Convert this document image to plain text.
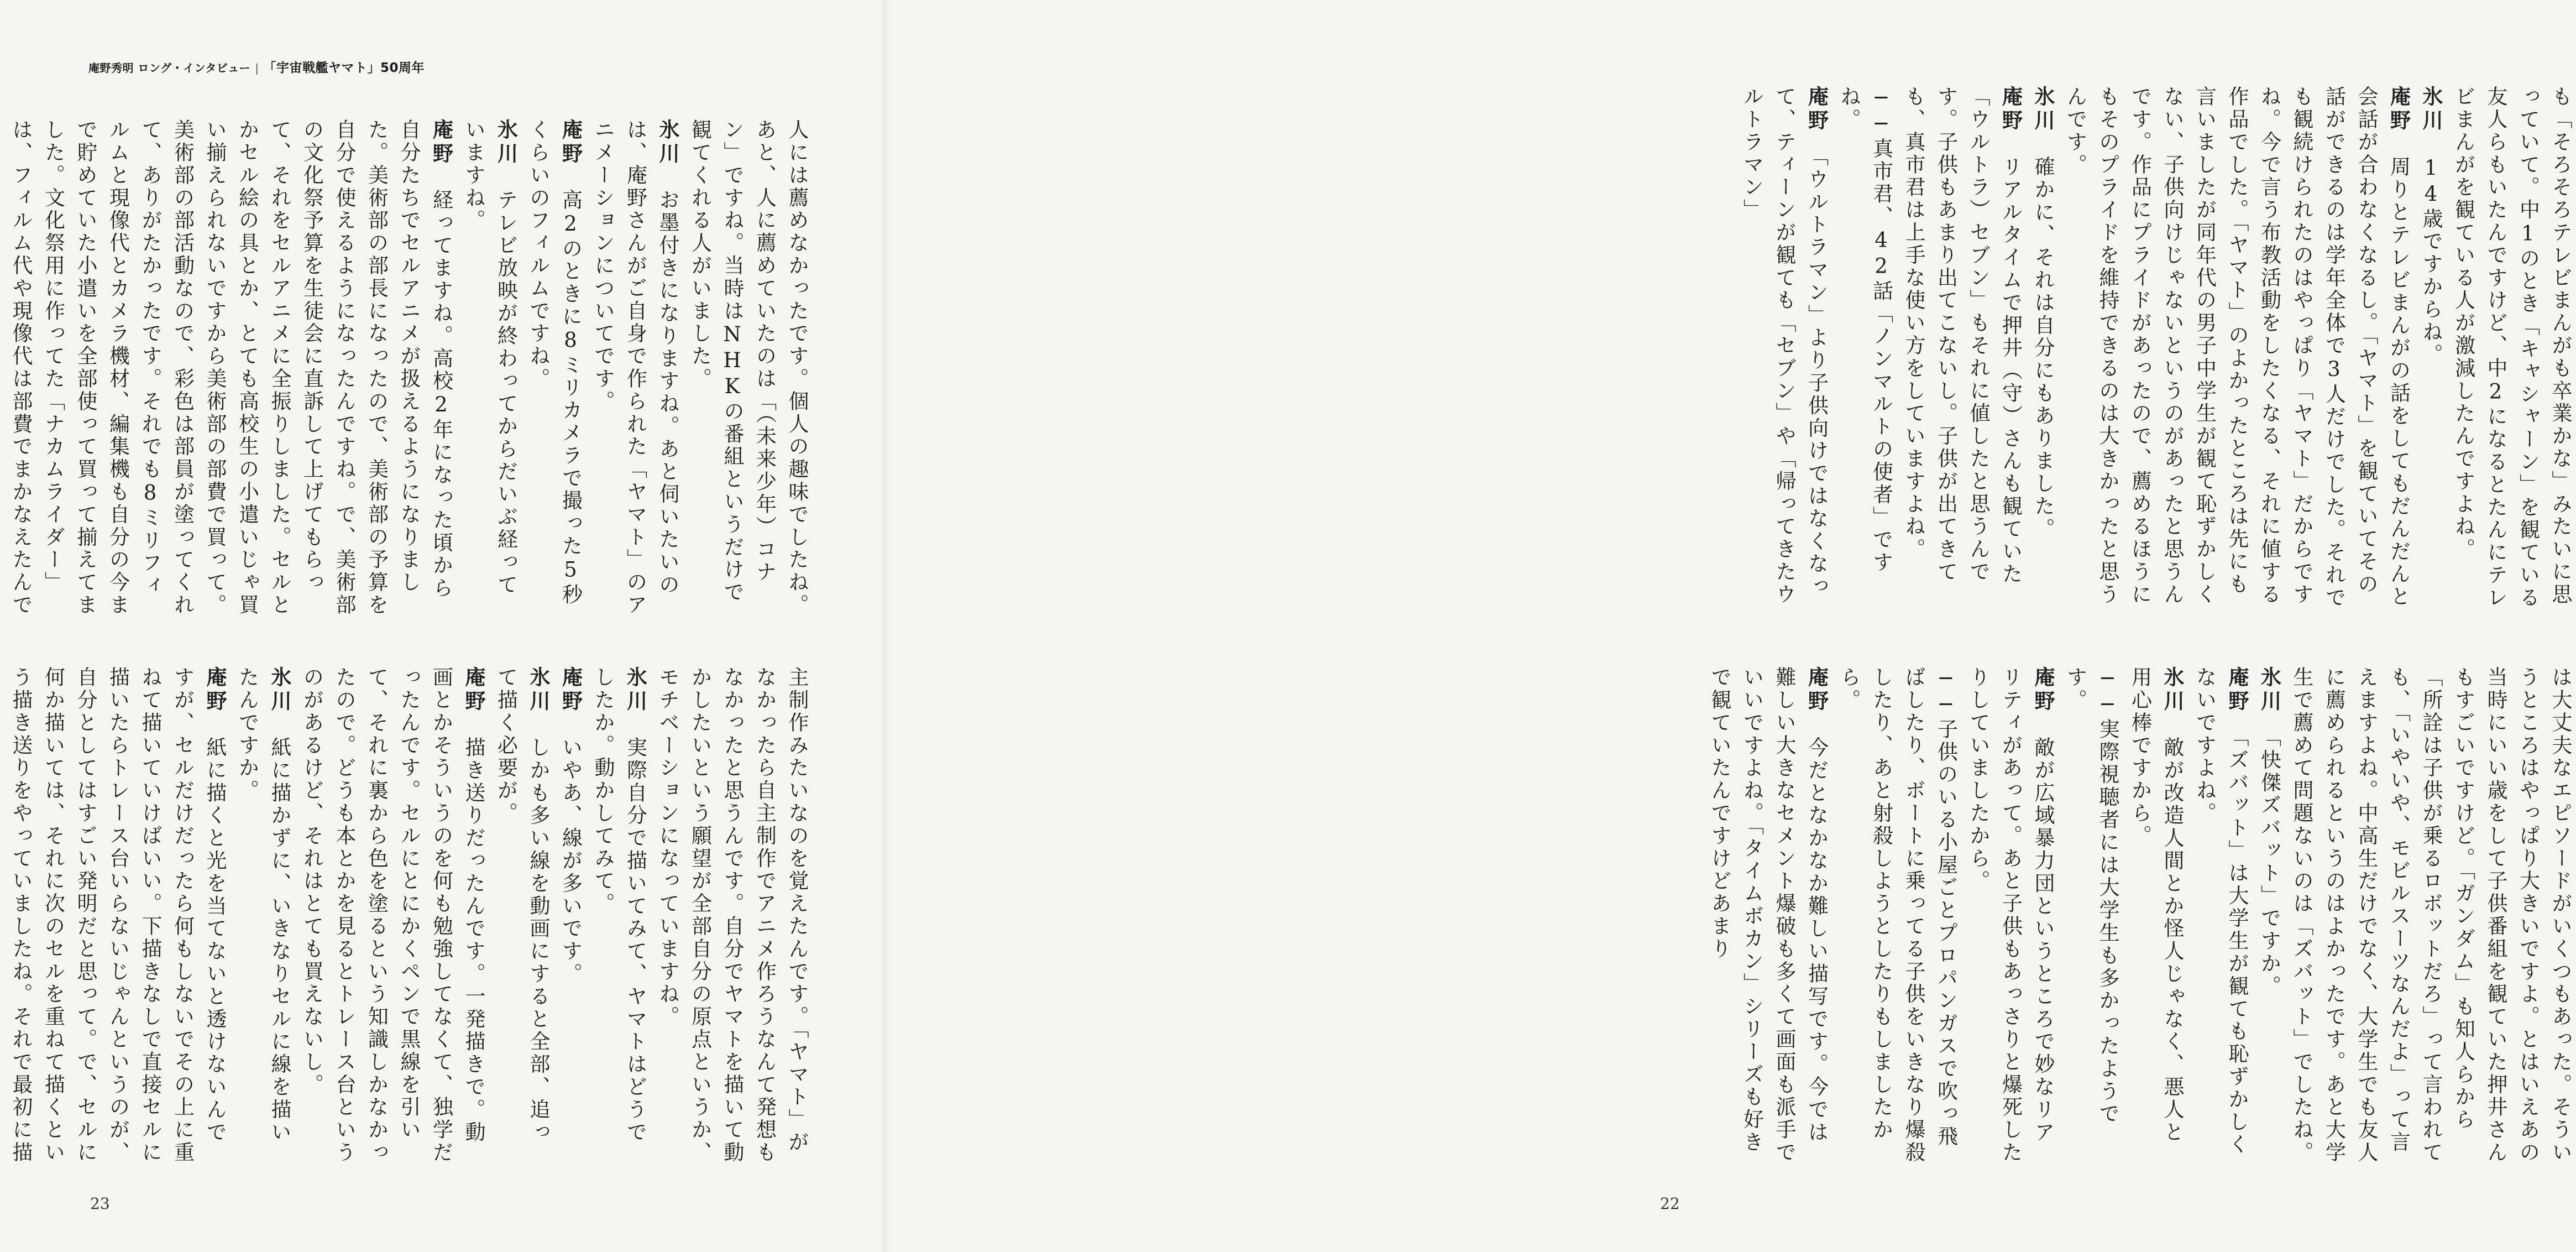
庵野秀明 ロング・インタビュー | 「宇宙戦艦ヤマト」50周年

人には薦めなかったです。個人の趣味でしたね。あと、人に薦めていたのは「（未来少年）コナン」ですね。当時はNHKの番組というだけで観てくれる人がいました。

氷川　お墨付きになりますね。あと伺いたいのは、庵野さんがご自身で作られた「ヤマト」のアニメーションについてです。

庵野　高2のときに8ミリカメラで撮った5秒くらいのフィルムですね。

氷川　テレビ放映が終わってからだいぶ経っていますね。

庵野　経ってますね。高校2年になった頃から自分たちでセルアニメが扱えるようになりました。美術部の部長になったので、美術部の予算を自分で使えるようになったんですね。で、美術部の文化祭予算を生徒会に直訴して上げてもらって、それをセルアニメに全振りしました。セルとかセル絵の具とか、とても高校生の小遣いじゃ買い揃えられないですから美術部の部費で買って。美術部の部活動なので、彩色は部員が塗ってくれて、ありがたかったです。それでも8ミリフィルムと現像代とカメラ機材、編集機も自分の今まで貯めていた小遣いを全部使って買って揃えてました。文化祭用に作ってた「ナカムライダー」は、フィルム代や現像代は部費でまかなえたんで

主制作みたいなのを覚えたんです。「ヤマト」がなかったら自主制作でアニメ作ろうなんて発想もなかったと思うんです。自分でヤマトを描いて動かしたいという願望が全部自分の原点というか、モチベーションになっていますね。

氷川　実際自分で描いてみて、ヤマトはどうでしたか。動かしてみて。

庵野　いやあ、線が多いです。

氷川　しかも多い線を動画にすると全部、追って描く必要が。

庵野　描き送りだったんです。一発描きで。動画とかそういうのを何も勉強してなくて、独学だったんです。セルにとにかくペンで黒線を引いて、それに裏から色を塗るという知識しかなかったので。どうも本とかを見るとトレース台というのがあるけど、それはとても買えないし。

氷川　紙に描かずに、いきなりセルに線を描いたんですか。

庵野　紙に描くと光を当てないと透けないんですが、セルだけだったら何もしないでその上に重ねて描いていけばいい。下描きなしで直接セルに描いたらトレース台いらないじゃんというのが、自分としてはすごい発明だと思って。で、セルに何か描いては、それに次のセルを重ねて描くという描き送りをやっていましたね。それで最初に描

23

も「そろそろテレビまんがも卒業かな」みたいに思っていて。中1のとき「キャシャーン」を観ている友人らもいたんですけど、中2になるとたんにテレビまんがを観ている人が激減したんですよね。

氷川　14歳ですからね。

庵野　周りとテレビまんがの話をしてもだんだんと会話が合わなくなるし。「ヤマト」を観ていてその話ができるのは学年全体で3人だけでした。それでも観続けられたのはやっぱり「ヤマト」だからですね。今で言う布教活動をしたくなる、それに値する作品でした。「ヤマト」のよかったところは先にも言いましたが同年代の男子中学生が観て恥ずかしくない、子供向けじゃないというのがあったと思うんです。作品にプライドがあったので、薦めるほうにもそのプライドを維持できるのは大きかったと思うんです。

氷川　確かに、それは自分にもありました。

庵野　リアルタイムで押井（守）さんも観ていた「ウルトラ）セブン」もそれに値したと思うんです。子供もあまり出てこないし。子供が出てきても、真市君は上手な使い方をしていますよね。

──真市君、42話「ノンマルトの使者」ですね。

庵野　「ウルトラマン」より子供向けではなくなって、ティーンが観ても「セブン」や「帰ってきたウルトラマン」

は大丈夫なエピソードがいくつもあった。そういうところはやっぱり大きいですよ。とはいえあの当時にいい歳をして子供番組を観ていた押井さんもすごいですけど。「ガンダム」も知人らから「所詮は子供が乗るロボットだろ」って言われても、「いやいや、モビルスーツなんだよ」って言えますよね。中高生だけでなく、大学生でも友人に薦められるというのはよかったです。あと大学生で薦めて問題ないのは「ズバット」でしたね。

氷川　「快傑ズバット」ですか。

庵野　「ズバット」は大学生が観ても恥ずかしくないですよね。

氷川　敵が改造人間とか怪人じゃなく、悪人と用心棒ですから。

──実際視聴者には大学生も多かったようです。

庵野　敵が広域暴力団というところで妙なリアリティがあって。あと子供もあっさりと爆死したりしていましたから。

──子供のいる小屋ごとプロパンガスで吹っ飛ばしたり、ボートに乗ってる子供をいきなり爆殺したり、あと射殺しようとしたりもしましたから。

庵野　今だとなかなか難しい描写です。今では難しい大きなセメント爆破も多くて画面も派手でいいですよね。「タイムボカン」シリーズも好きで観ていたんですけどあまり

22
